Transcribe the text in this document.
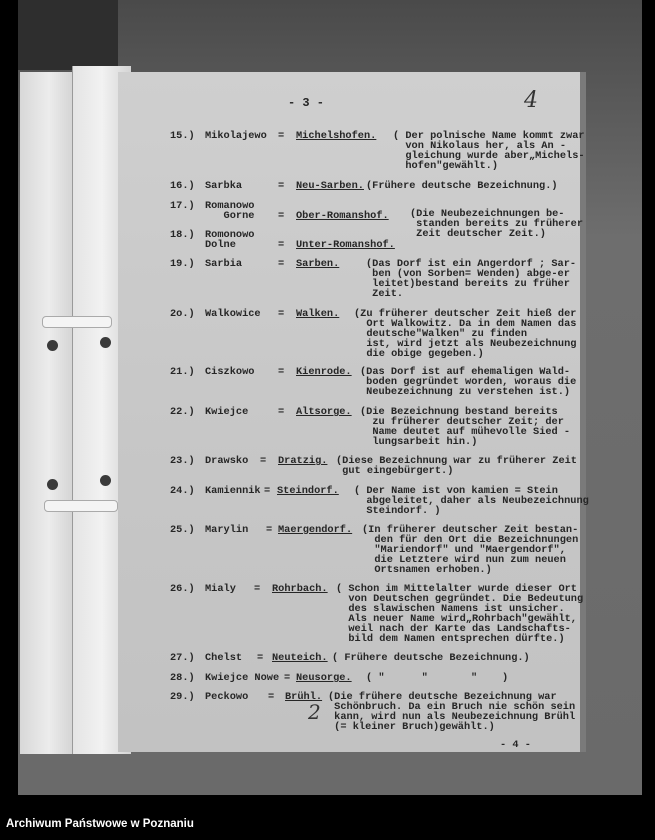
- 3 -	4
15.) Mikolajewo = Michelshofen. ( Der polnische Name kommt zwar
von Nikolaus her, als An -
gleichung wurde aber„Michels-
hofen"gewählt.)
16.) Sarbka	= Neu-Sarben. (Frühere deutsche Bezeichnung.)
17.) Romanowo
Gorne = Ober-Romanshof. (Die Neubezeichnungen be-
standen bereits zu früherer
Zeit deutscher Zeit.)
18.) Romonowo
Dolne	= Unter-Romanshof.
19.) Sarbia	= Sarben.	(Das Dorf ist ein Angerdorf ; Sar-
ben (von Sorben= Wenden) abge-er
leitet)bestand bereits zu früher
Zeit.
2o.) Walkowice = Walken. (Zu früherer deutscher Zeit hieß der
Ort Walkowitz. Da in dem Namen das
deutsche"Walken" zu finden
ist, wird jetzt als Neubezeichnung
die obige gegeben.)
21.) Ciszkowo = Kienrode. (Das Dorf ist auf ehemaligen Wald-
boden gegründet worden, woraus die
Neubezeichnung zu verstehen ist.)
22.) Kwiejce	= Altsorge. (Die Bezeichnung bestand bereits
zu früherer deutscher Zeit; der
Name deutet auf mühevolle Sied -
lungsarbeit hin.)
23.) Drawsko = Dratzig. (Diese Bezeichnung war zu früherer Zeit
gut eingebürgert.)
24.) Kamiennik = Steindorf. ( Der Name ist von kamien = Stein
abgeleitet, daher als Neubezeichnung
Steindorf. )
25.) Marylin = Maergendorf. (In früherer deutscher Zeit bestan-
den für den Ort die Bezeichnungen
"Mariendorf" und "Maergendorf",
die Letztere wird nun zum neuen
Ortsnamen erhoben.)
26.) Mialy = Rohrbach. ( Schon im Mittelalter wurde dieser Ort
von Deutschen gegründet. Die Bedeutung
des slawischen Namens ist unsicher.
Als neuer Name wird„Rohrbach"gewählt,
weil nach der Karte das Landschafts-
bild dem Namen entsprechen dürfte.)
27.) Chelst = Neuteich. ( Frühere deutsche Bezeichnung.)
28.) Kwiejce Nowe = Neusorge. ( "      "       "    )
29.) Peckowo = Brühl. (Die frühere deutsche Bezeichnung war
Schönbruch. Da ein Bruch nie schön sein
kann, wird nun als Neubezeichnung Brühl
(= kleiner Bruch)gewählt.)
2
- 4 -
Archiwum Państwowe w Poznaniu
